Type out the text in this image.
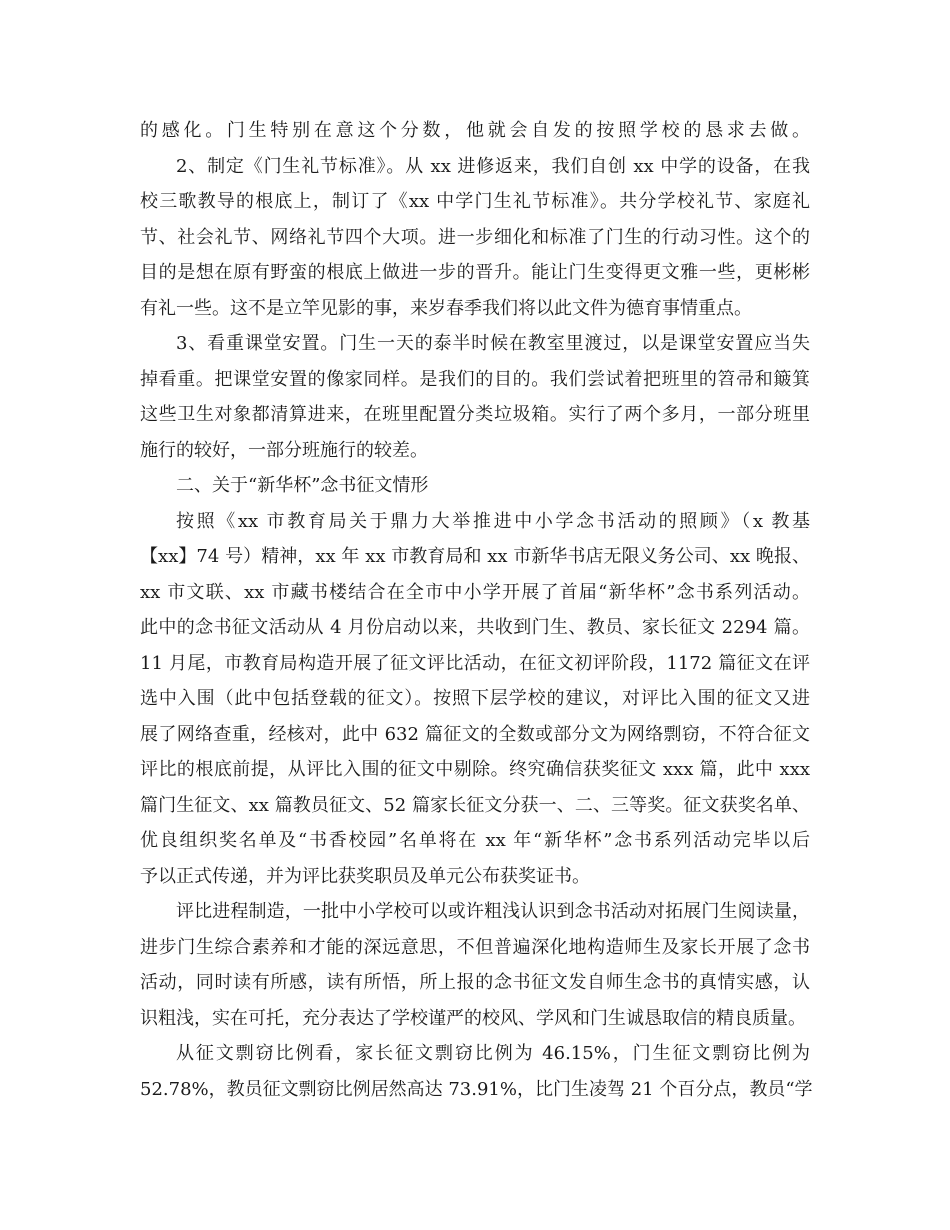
的感化。门生特别在意这个分数，他就会自发的按照学校的恳求去做。
2、制定《门生礼节标准》。从 xx 进修返来，我们自创 xx 中学的设备，在我
校三歌教导的根底上，制订了《xx 中学门生礼节标准》。共分学校礼节、家庭礼
节、社会礼节、网络礼节四个大项。进一步细化和标准了门生的行动习性。这个的
目的是想在原有野蛮的根底上做进一步的晋升。能让门生变得更文雅一些，更彬彬
有礼一些。这不是立竿见影的事，来岁春季我们将以此文件为德育事情重点。
3、看重课堂安置。门生一天的泰半时候在教室里渡过，以是课堂安置应当失
掉看重。把课堂安置的像家同样。是我们的目的。我们尝试着把班里的笤帚和簸箕
这些卫生对象都清算进来，在班里配置分类垃圾箱。实行了两个多月，一部分班里
施行的较好，一部分班施行的较差。
二、关于“新华杯”念书征文情形
按照《xx 市教育局关于鼎力大举推进中小学念书活动的照顾》（x 教基
【xx】74 号）精神，xx 年 xx 市教育局和 xx 市新华书店无限义务公司、xx 晚报、
xx 市文联、xx 市藏书楼结合在全市中小学开展了首届“新华杯”念书系列活动。
此中的念书征文活动从 4 月份启动以来，共收到门生、教员、家长征文 2294 篇。
11 月尾，市教育局构造开展了征文评比活动，在征文初评阶段，1172 篇征文在评
选中入围（此中包括登载的征文）。按照下层学校的建议，对评比入围的征文又进
展了网络查重，经核对，此中 632 篇征文的全数或部分文为网络剽窃，不符合征文
评比的根底前提，从评比入围的征文中剔除。终究确信获奖征文 xxx 篇，此中 xxx
篇门生征文、xx 篇教员征文、52 篇家长征文分获一、二、三等奖。征文获奖名单、
优良组织奖名单及“书香校园”名单将在 xx 年“新华杯”念书系列活动完毕以后
予以正式传递，并为评比获奖职员及单元公布获奖证书。
评比进程制造，一批中小学校可以或许粗浅认识到念书活动对拓展门生阅读量，
进步门生综合素养和才能的深远意思，不但普遍深化地构造师生及家长开展了念书
活动，同时读有所感，读有所悟，所上报的念书征文发自师生念书的真情实感，认
识粗浅，实在可托，充分表达了学校谨严的校风、学风和门生诚恳取信的精良质量。
从征文剽窃比例看，家长征文剽窃比例为 46.15%，门生征文剽窃比例为
52.78%，教员征文剽窃比例居然高达 73.91%，比门生凌驾 21 个百分点，教员“学
